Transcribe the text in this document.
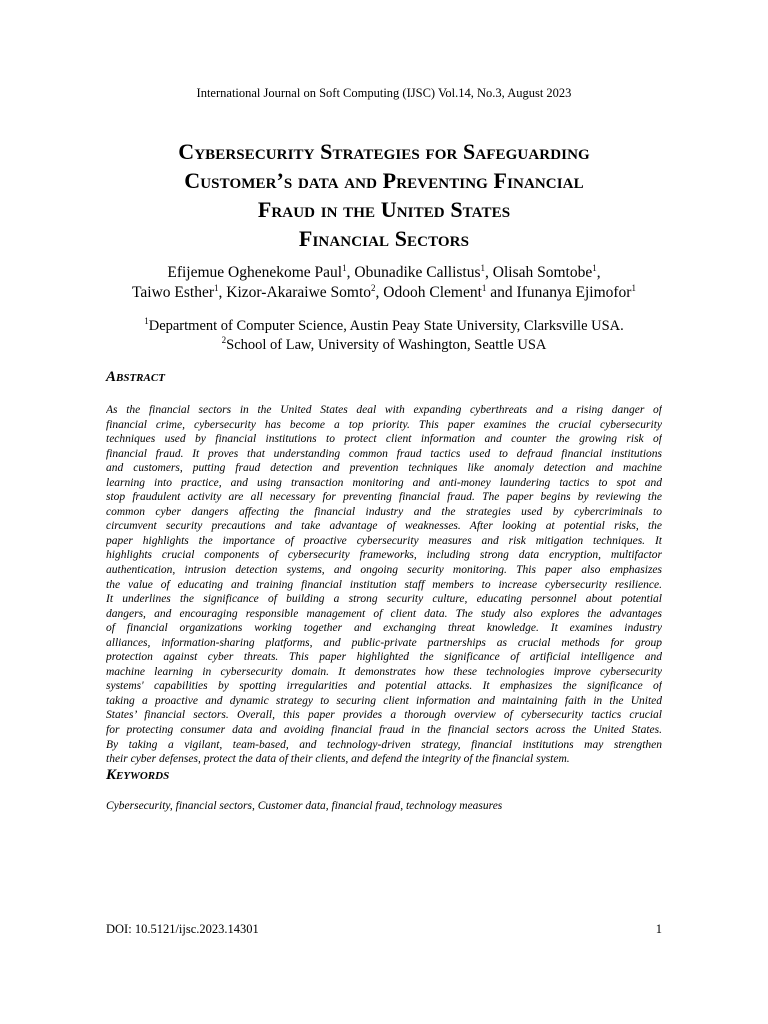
International Journal on Soft Computing (IJSC) Vol.14, No.3, August 2023
Cybersecurity Strategies for Safeguarding
Customer’s data and Preventing Financial
Fraud in the United States
Financial Sectors
Efijemue Oghenekome Paul$^1$, Obunadike Callistus$^1$, Olisah Somtobe$^1$,
Taiwo Esther$^1$, Kizor-Akaraiwe Somto$^2$, Odooh Clement$^1$ and Ifunanya Ejimofor$^1$
$^1$Department of Computer Science, Austin Peay State University, Clarksville USA.
$^2$School of Law, University of Washington, Seattle USA
Abstract
As the financial sectors in the United States deal with expanding cyberthreats and a rising danger of
financial crime, cybersecurity has become a top priority. This paper examines the crucial cybersecurity
techniques used by financial institutions to protect client information and counter the growing risk of
financial fraud. It proves that understanding common fraud tactics used to defraud financial institutions
and customers, putting fraud detection and prevention techniques like anomaly detection and machine
learning into practice, and using transaction monitoring and anti-money laundering tactics to spot and
stop fraudulent activity are all necessary for preventing financial fraud. The paper begins by reviewing the
common cyber dangers affecting the financial industry and the strategies used by cybercriminals to
circumvent security precautions and take advantage of weaknesses. After looking at potential risks, the
paper highlights the importance of proactive cybersecurity measures and risk mitigation techniques. It
highlights crucial components of cybersecurity frameworks, including strong data encryption, multifactor
authentication, intrusion detection systems, and ongoing security monitoring. This paper also emphasizes
the value of educating and training financial institution staff members to increase cybersecurity resilience.
It underlines the significance of building a strong security culture, educating personnel about potential
dangers, and encouraging responsible management of client data. The study also explores the advantages
of financial organizations working together and exchanging threat knowledge. It examines industry
alliances, information-sharing platforms, and public-private partnerships as crucial methods for group
protection against cyber threats. This paper highlighted the significance of artificial intelligence and
machine learning in cybersecurity domain. It demonstrates how these technologies improve cybersecurity
systems' capabilities by spotting irregularities and potential attacks. It emphasizes the significance of
taking a proactive and dynamic strategy to securing client information and maintaining faith in the United
States’ financial sectors. Overall, this paper provides a thorough overview of cybersecurity tactics crucial
for protecting consumer data and avoiding financial fraud in the financial sectors across the United States.
By taking a vigilant, team-based, and technology-driven strategy, financial institutions may strengthen
their cyber defenses, protect the data of their clients, and defend the integrity of the financial system.
Keywords
Cybersecurity, financial sectors, Customer data, financial fraud, technology measures
DOI: 10.5121/ijsc.2023.14301	1
